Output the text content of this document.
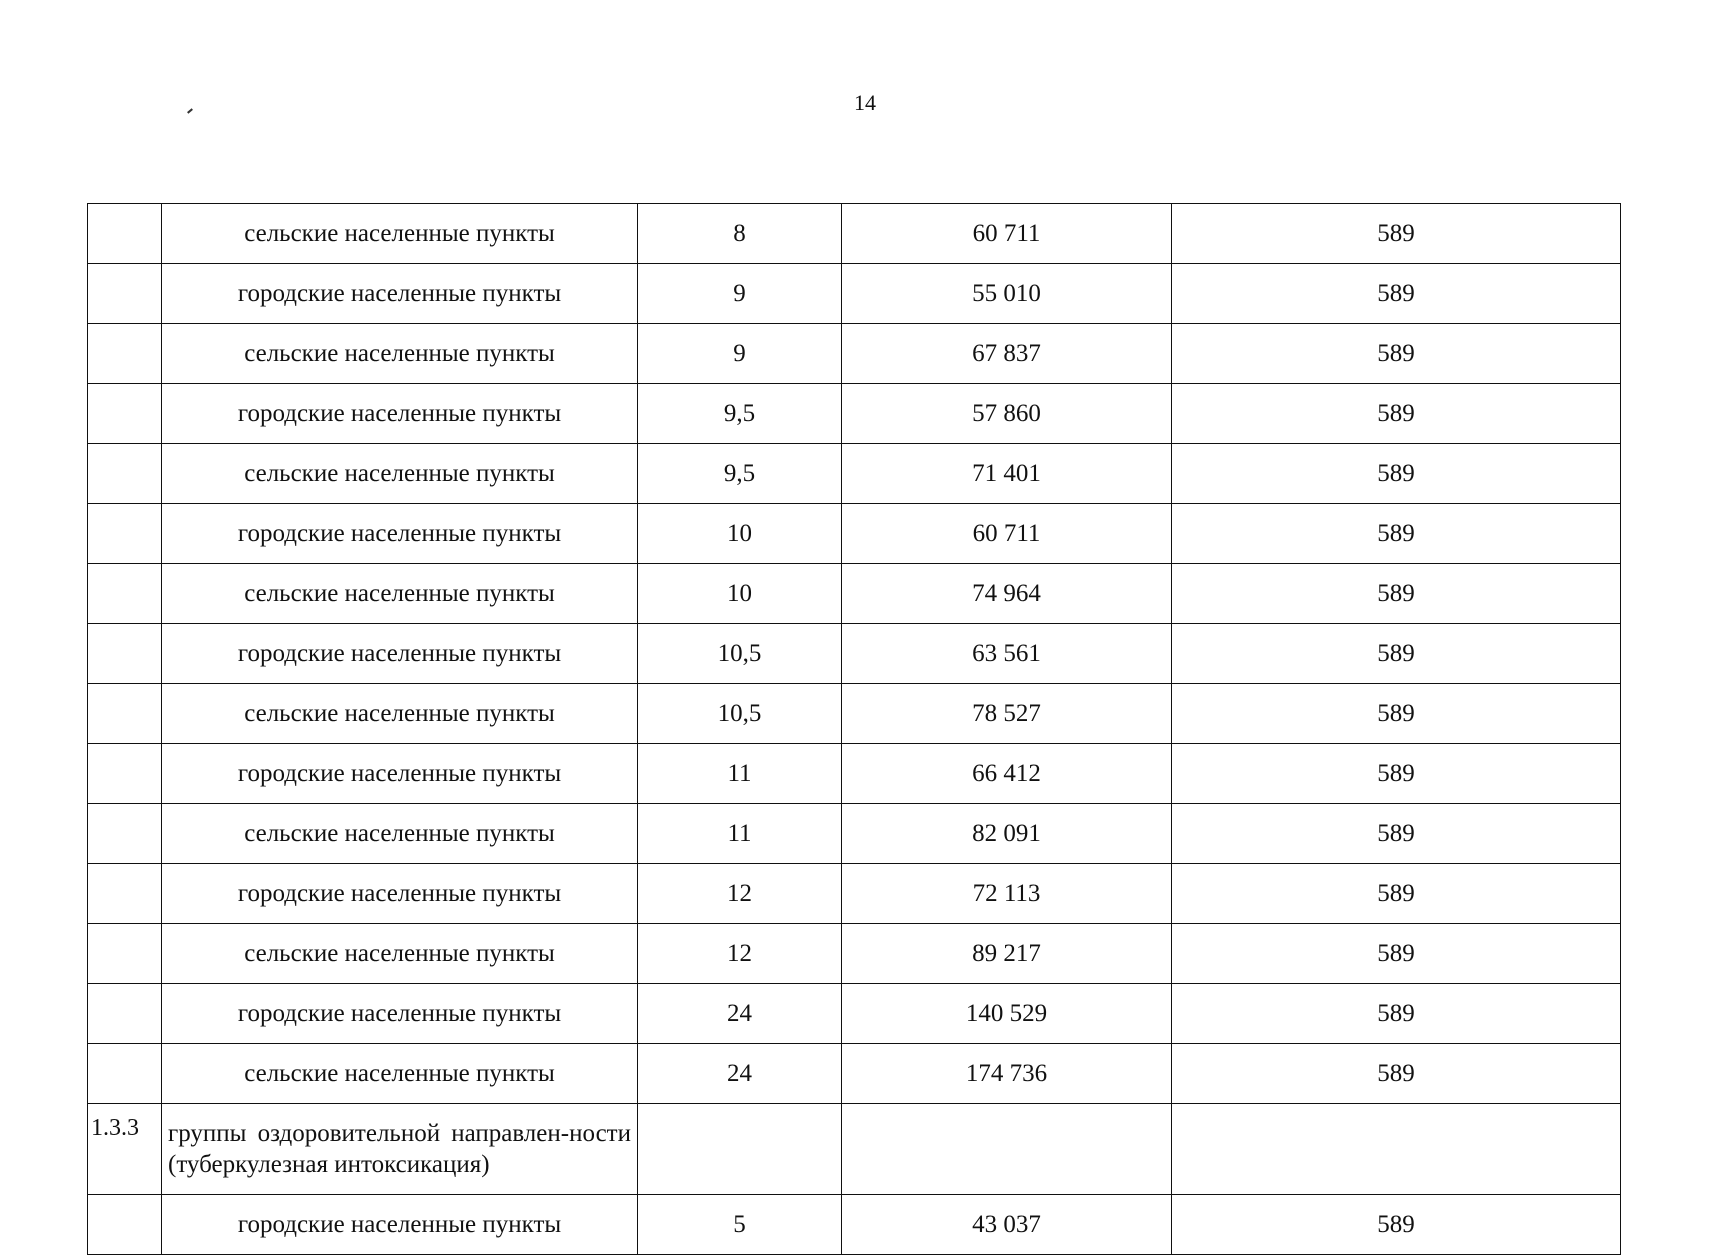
14
	сельские населенные пункты	8	60 711	589
	городские населенные пункты	9	55 010	589
	сельские населенные пункты	9	67 837	589
	городские населенные пункты	9,5	57 860	589
	сельские населенные пункты	9,5	71 401	589
	городские населенные пункты	10	60 711	589
	сельские населенные пункты	10	74 964	589
	городские населенные пункты	10,5	63 561	589
	сельские населенные пункты	10,5	78 527	589
	городские населенные пункты	11	66 412	589
	сельские населенные пункты	11	82 091	589
	городские населенные пункты	12	72 113	589
	сельские населенные пункты	12	89 217	589
	городские населенные пункты	24	140 529	589
	сельские населенные пункты	24	174 736	589
1.3.3	группы оздоровительной направлен-ности (туберкулезная интоксикация)			
	городские населенные пункты	5	43 037	589
